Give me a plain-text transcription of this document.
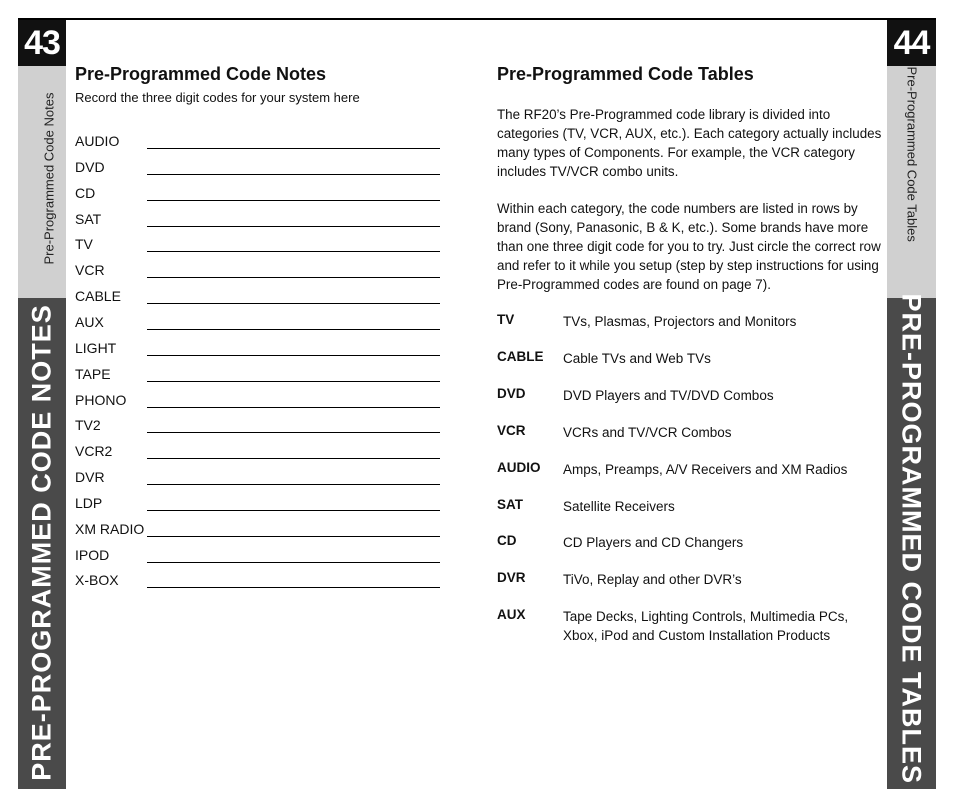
43
Pre-Programmed Code Notes
PRE-PROGRAMMED CODE NOTES
44
Pre-Programmed Code Tables
PRE-PROGRAMMED CODE TABLES
Pre-Programmed Code Notes
Record the three digit codes for your system here
AUDIO
DVD
CD
SAT
TV
VCR
CABLE
AUX
LIGHT
TAPE
PHONO
TV2
VCR2
DVR
LDP
XM RADIO
IPOD
X-BOX
Pre-Programmed Code Tables
The RF20’s Pre-Programmed code library is divided into categories (TV, VCR, AUX, etc.). Each category actually includes many types of Components. For example, the VCR category includes TV/VCR combo units.
Within each category, the code numbers are listed in rows by brand (Sony, Panasonic, B & K, etc.). Some brands have more than one three digit code for you to try. Just circle the correct row and refer to it while you setup (step by step instructions for using Pre-Programmed codes are found on page 7).
TV	TVs, Plasmas, Projectors and Monitors
CABLE Cable TVs and Web TVs
DVD	DVD Players and TV/DVD Combos
VCR	VCRs and TV/VCR Combos
AUDIO Amps, Preamps, A/V Receivers and XM Radios
SAT	Satellite Receivers
CD	CD Players and CD Changers
DVR	TiVo, Replay and other DVR’s
AUX	Tape Decks, Lighting Controls, Multimedia PCs, Xbox, iPod and Custom Installation Products
